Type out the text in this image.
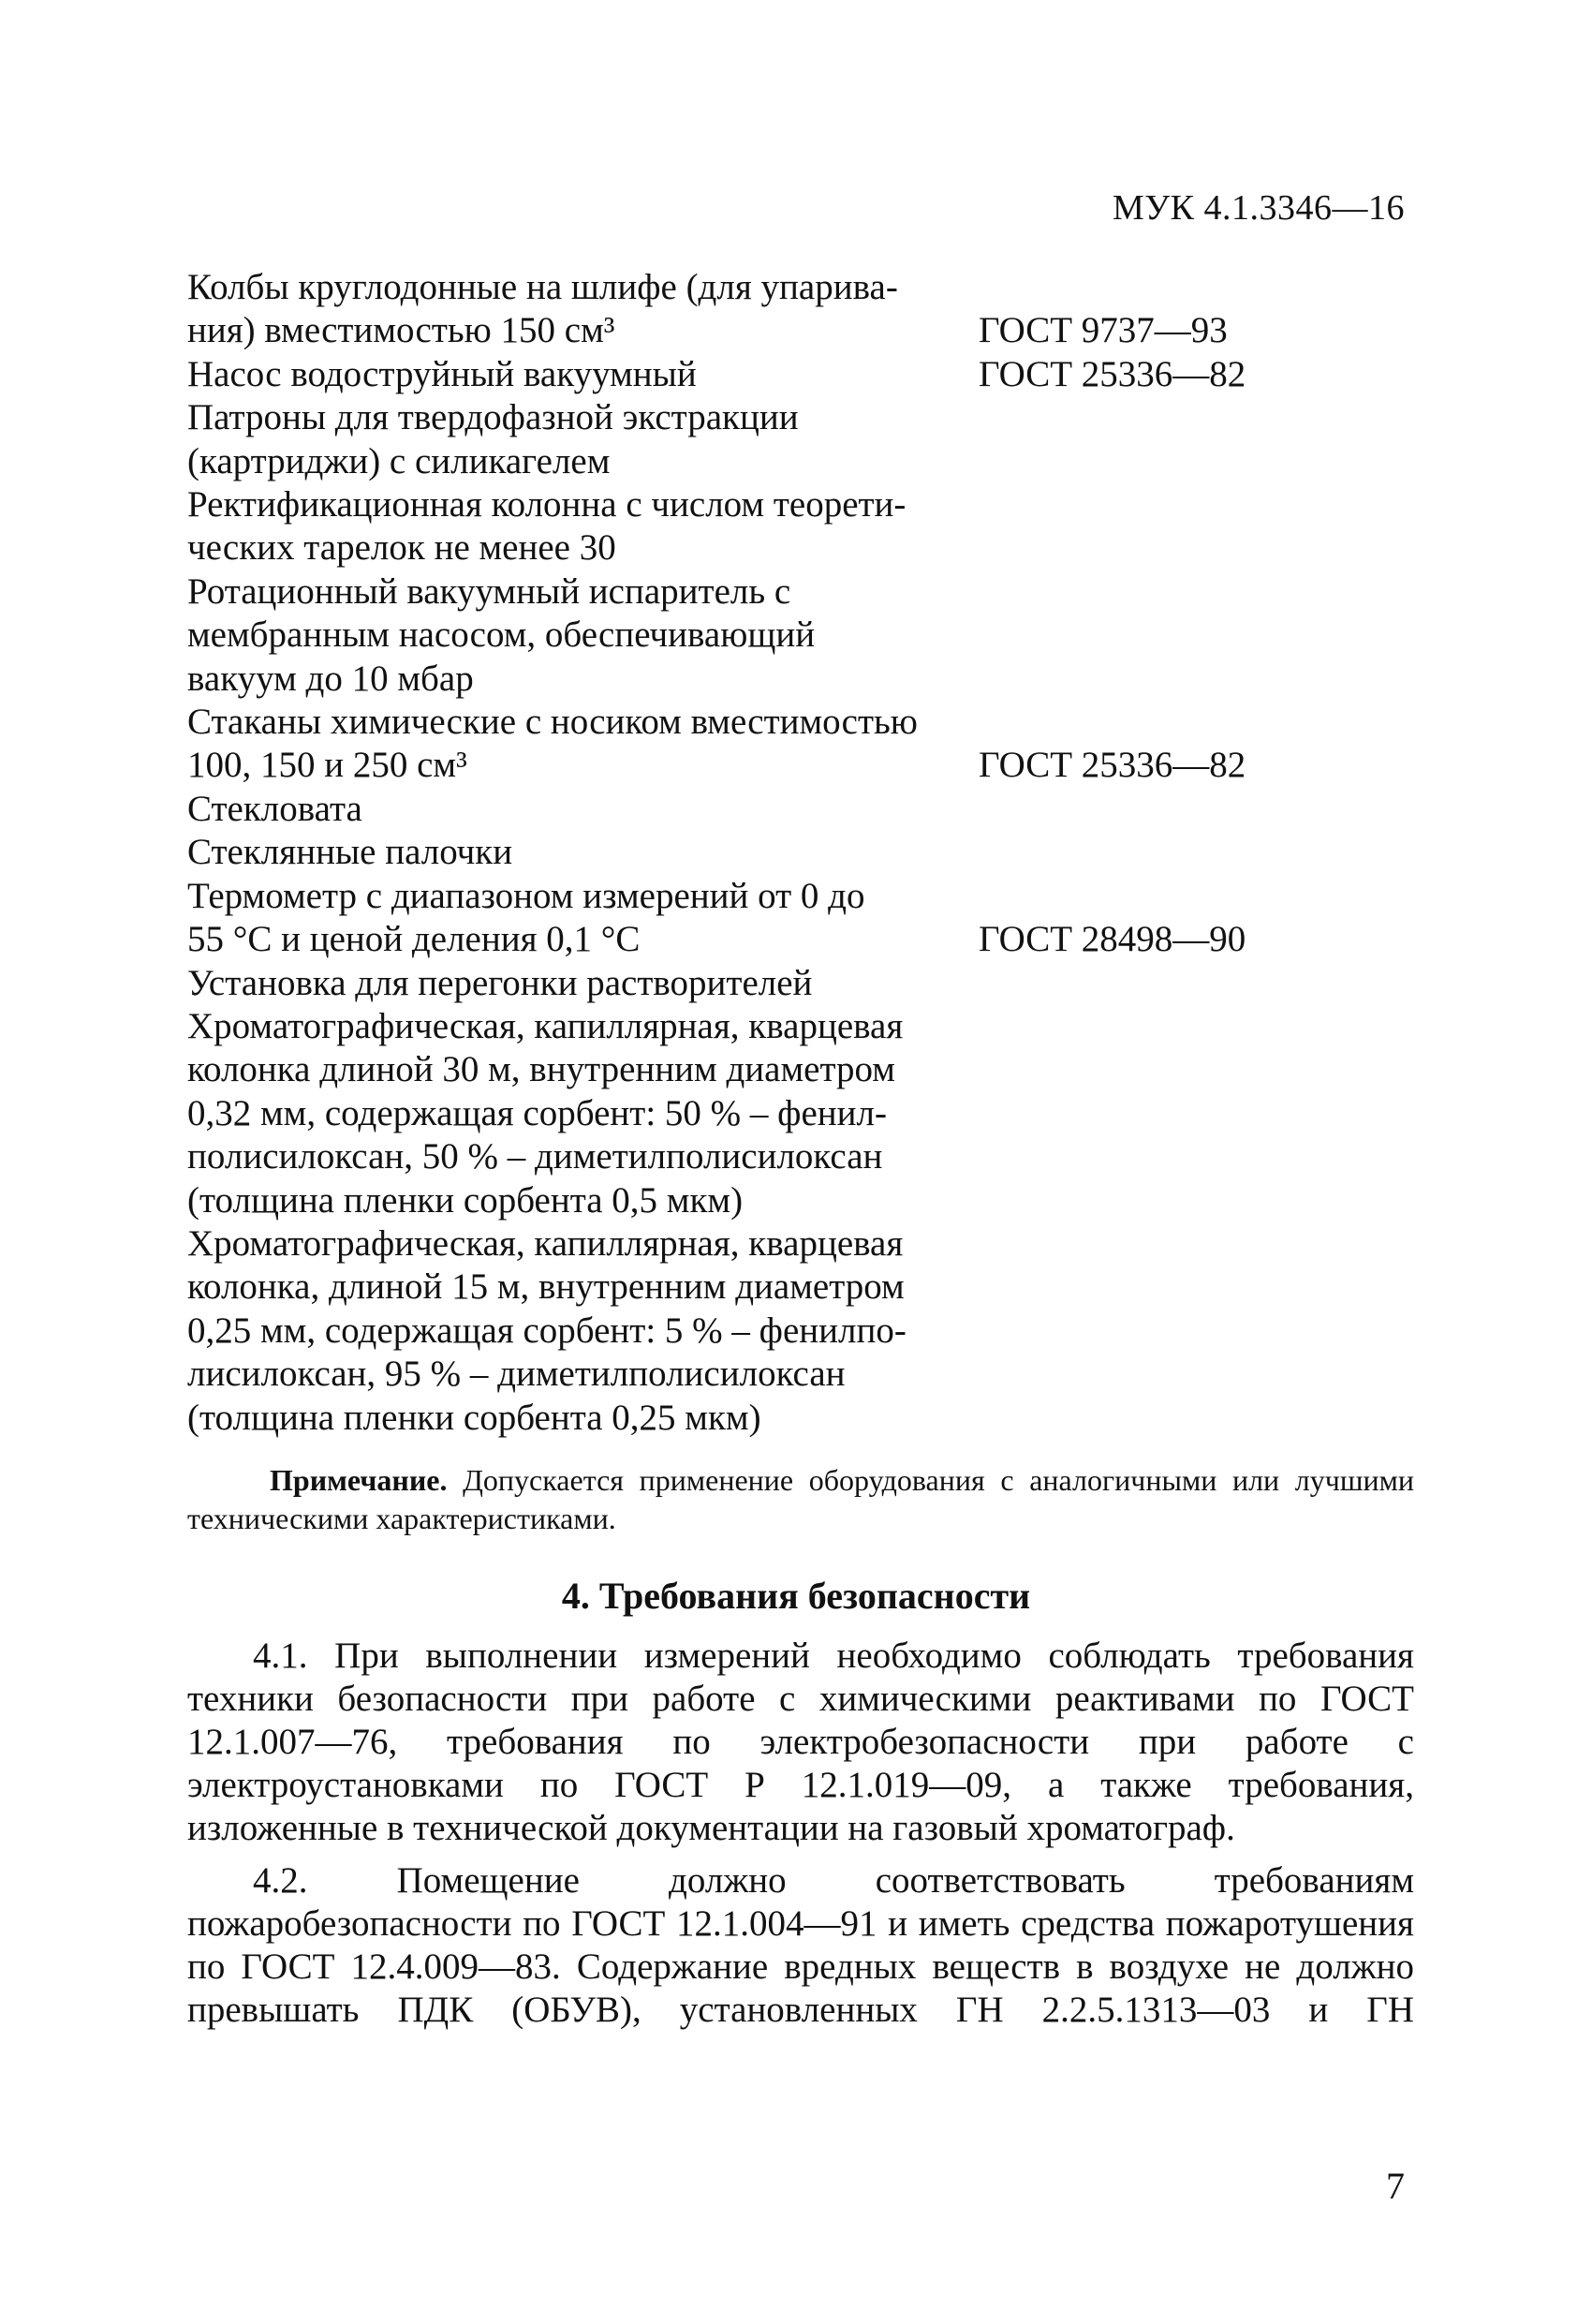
МУК 4.1.3346—16
Колбы круглодонные на шлифе (для упарива-
ния) вместимостью 150 см³	ГОСТ 9737—93
Насос водоструйный вакуумный	ГОСТ 25336—82
Патроны для твердофазной экстракции
(картриджи) с силикагелем
Ректификационная колонна с числом теорети-
ческих тарелок не менее 30
Ротационный вакуумный испаритель с
мембранным насосом, обеспечивающий
вакуум до 10 мбар
Стаканы химические с носиком вместимостью
100, 150 и 250 см³	ГОСТ 25336—82
Стекловата
Стеклянные палочки
Термометр с диапазоном измерений от 0 до
55 °С и ценой деления 0,1 °С	ГОСТ 28498—90
Установка для перегонки растворителей
Хроматографическая, капиллярная, кварцевая
колонка длиной 30 м, внутренним диаметром
0,32 мм, содержащая сорбент: 50 % – фенил-
полисилоксан, 50 % – диметилполисилоксан
(толщина пленки сорбента 0,5 мкм)
Хроматографическая, капиллярная, кварцевая
колонка, длиной 15 м, внутренним диаметром
0,25 мм, содержащая сорбент: 5 % – фенилпо-
лисилоксан, 95 % – диметилполисилоксан
(толщина пленки сорбента 0,25 мкм)
Примечание. Допускается применение оборудования с аналогичными или лучшими техническими характеристиками.
4. Требования безопасности

4.1. При выполнении измерений необходимо соблюдать требования техники безопасности при работе с химическими реактивами по ГОСТ 12.1.007—76, требования по электробезопасности при работе с электроустановками по ГОСТ Р 12.1.019—09, а также требования, изложенные в технической документации на газовый хроматограф.

4.2. Помещение должно соответствовать требованиям пожаробезопасности по ГОСТ 12.1.004—91 и иметь средства пожаротушения по ГОСТ 12.4.009—83. Содержание вредных веществ в воздухе не должно превышать ПДК (ОБУВ), установленных ГН 2.2.5.1313—03 и ГН

7
